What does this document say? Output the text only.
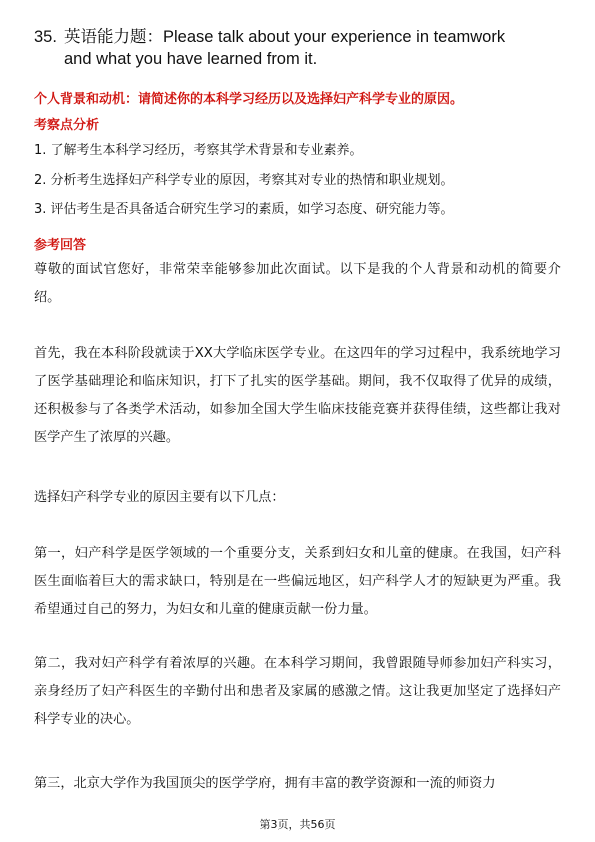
35. 英语能力题：Please talk about your experience in teamwork
and what you have learned from it.
个人背景和动机：请简述你的本科学习经历以及选择妇产科学专业的原因。
考察点分析
1. 了解考生本科学习经历，考察其学术背景和专业素养。
2. 分析考生选择妇产科学专业的原因，考察其对专业的热情和职业规划。
3. 评估考生是否具备适合研究生学习的素质，如学习态度、研究能力等。
参考回答
尊敬的面试官您好，非常荣幸能够参加此次面试。以下是我的个人背景和动机的简要介绍。
首先，我在本科阶段就读于XX大学临床医学专业。在这四年的学习过程中，我系统地学习了医学基础理论和临床知识，打下了扎实的医学基础。期间，我不仅取得了优异的成绩，还积极参与了各类学术活动，如参加全国大学生临床技能竞赛并获得佳绩，这些都让我对医学产生了浓厚的兴趣。
选择妇产科学专业的原因主要有以下几点：
第一，妇产科学是医学领域的一个重要分支，关系到妇女和儿童的健康。在我国，妇产科医生面临着巨大的需求缺口，特别是在一些偏远地区，妇产科学人才的短缺更为严重。我希望通过自己的努力，为妇女和儿童的健康贡献一份力量。
第二，我对妇产科学有着浓厚的兴趣。在本科学习期间，我曾跟随导师参加妇产科实习，亲身经历了妇产科医生的辛勤付出和患者及家属的感激之情。这让我更加坚定了选择妇产科学专业的决心。
第三，北京大学作为我国顶尖的医学学府，拥有丰富的教学资源和一流的师资力
第3页，共56页
